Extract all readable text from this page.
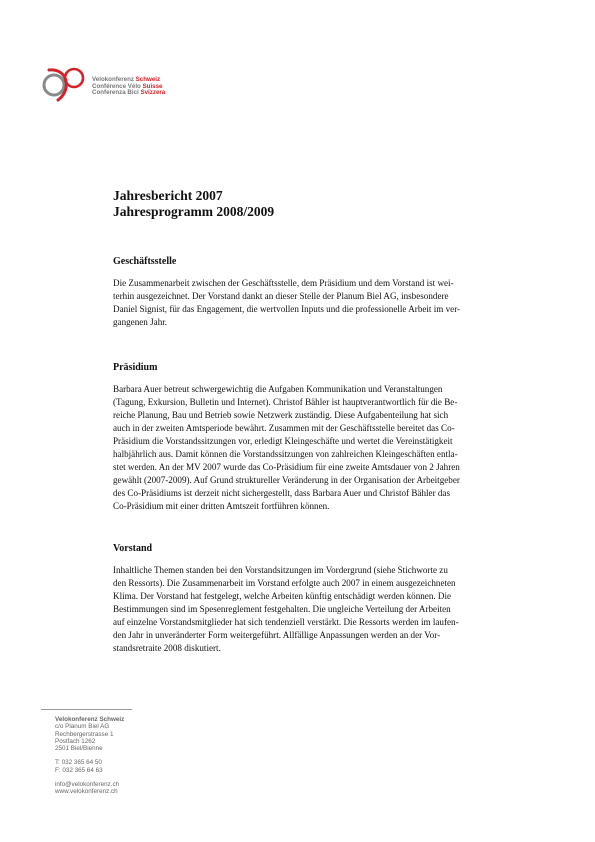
Velokonferenz Schweiz
Conférence Vélo Suisse
Conferenza Bici Svizzera
Jahresbericht 2007
Jahresprogramm 2008/2009
Geschäftsstelle
Die Zusammenarbeit zwischen der Geschäftsstelle, dem Präsidium und dem Vorstand ist wei-
terhin ausgezeichnet. Der Vorstand dankt an dieser Stelle der Planum Biel AG, insbesondere
Daniel Signist, für das Engagement, die wertvollen Inputs und die professionelle Arbeit im ver-
gangenen Jahr.
Präsidium
Barbara Auer betreut schwergewichtig die Aufgaben Kommunikation und Veranstaltungen
(Tagung, Exkursion, Bulletin und Internet). Christof Bähler ist hauptverantwortlich für die Be-
reiche Planung, Bau und Betrieb sowie Netzwerk zuständig. Diese Aufgabenteilung hat sich
auch in der zweiten Amtsperiode bewährt. Zusammen mit der Geschäftsstelle bereitet das Co-
Präsidium die Vorstandssitzungen vor, erledigt Kleingeschäfte und wertet die Vereinstätigkeit
halbjährlich aus. Damit können die Vorstandssitzungen von zahlreichen Kleingeschäften entla-
stet werden. An der MV 2007 wurde das Co-Präsidium für eine zweite Amtsdauer von 2 Jahren
gewählt (2007-2009). Auf Grund struktureller Veränderung in der Organisation der Arbeitgeber
des Co-Präsidiums ist derzeit nicht sichergestellt, dass Barbara Auer und Christof Bähler das
Co-Präsidium mit einer dritten Amtszeit fortführen können.
Vorstand
Inhaltliche Themen standen bei den Vorstandsitzungen im Vordergrund (siehe Stichworte zu
den Ressorts). Die Zusammenarbeit im Vorstand erfolgte auch 2007 in einem ausgezeichneten
Klima. Der Vorstand hat festgelegt, welche Arbeiten künftig entschädigt werden können. Die
Bestimmungen sind im Spesenreglement festgehalten. Die ungleiche Verteilung der Arbeiten
auf einzelne Vorstandsmitglieder hat sich tendenziell verstärkt. Die Ressorts werden im laufen-
den Jahr in unveränderter Form weitergeführt. Allfällige Anpassungen werden an der Vor-
standsretraite 2008 diskutiert.
Velokonferenz Schweiz
c/o Planum Biel AG
Rechbergerstrasse 1
Postfach 1262
2501 Biel/Bienne
T: 032 365 64 50
F: 032 365 64 63
info@velokonferenz.ch
www.velokonferenz.ch
